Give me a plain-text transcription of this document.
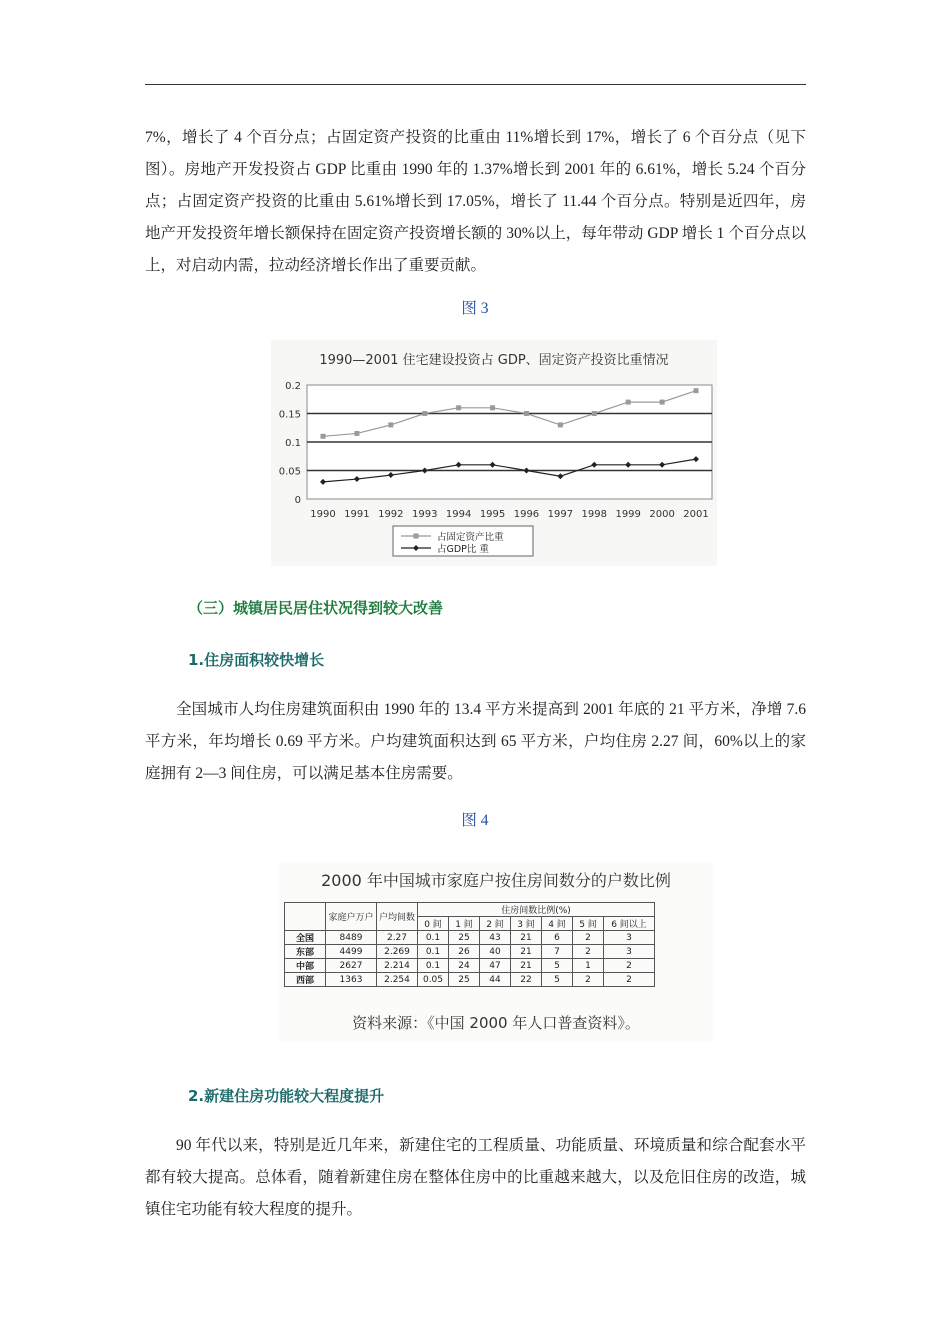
7%，增长了 4 个百分点；占固定资产投资的比重由 11%增长到 17%，增长了 6 个百分点（见下图）。房地产开发投资占 GDP 比重由 1990 年的 1.37%增长到 2001 年的 6.61%，增长 5.24 个百分点；占固定资产投资的比重由 5.61%增长到 17.05%，增长了 11.44 个百分点。特别是近四年，房地产开发投资年增长额保持在固定资产投资增长额的 30%以上，每年带动 GDP 增长 1 个百分点以上，对启动内需，拉动经济增长作出了重要贡献。

图 3
1990—2001 住宅建设投资占 GDP、固定资产投资比重情况
0.2
0.15
0.1
0.05
0
1990 1991 1992 1993 1994 1995 1996 1997 1998 1999 2000 2001
占固定资产比重
占GDP比 重
（三）城镇居民居住状况得到较大改善
1.住房面积较快增长

全国城市人均住房建筑面积由 1990 年的 13.4 平方米提高到 2001 年底的 21 平方米，净增 7.6 平方米，年均增长 0.69 平方米。户均建筑面积达到 65 平方米，户均住房 2.27 间，60%以上的家庭拥有 2—3 间住房，可以满足基本住房需要。

图 4
2000 年中国城市家庭户按住房间数分的户数比例
	家庭户万户	户均间数	住房间数比例(%)						
			0 间	1 间	2 间	3 间	4 间	5 间	6 间以上
全国	8489	2.27	0.1	25	43	21	6	2	3
东部	4499	2.269	0.1	26	40	21	7	2	3
中部	2627	2.214	0.1	24	47	21	5	1	2
西部	1363	2.254	0.05	25	44	22	5	2	2
资料来源：《中国 2000 年人口普查资料》。
2.新建住房功能较大程度提升

90 年代以来，特别是近几年来，新建住宅的工程质量、功能质量、环境质量和综合配套水平都有较大提高。总体看，随着新建住房在整体住房中的比重越来越大，以及危旧住房的改造，城镇住宅功能有较大程度的提升。
